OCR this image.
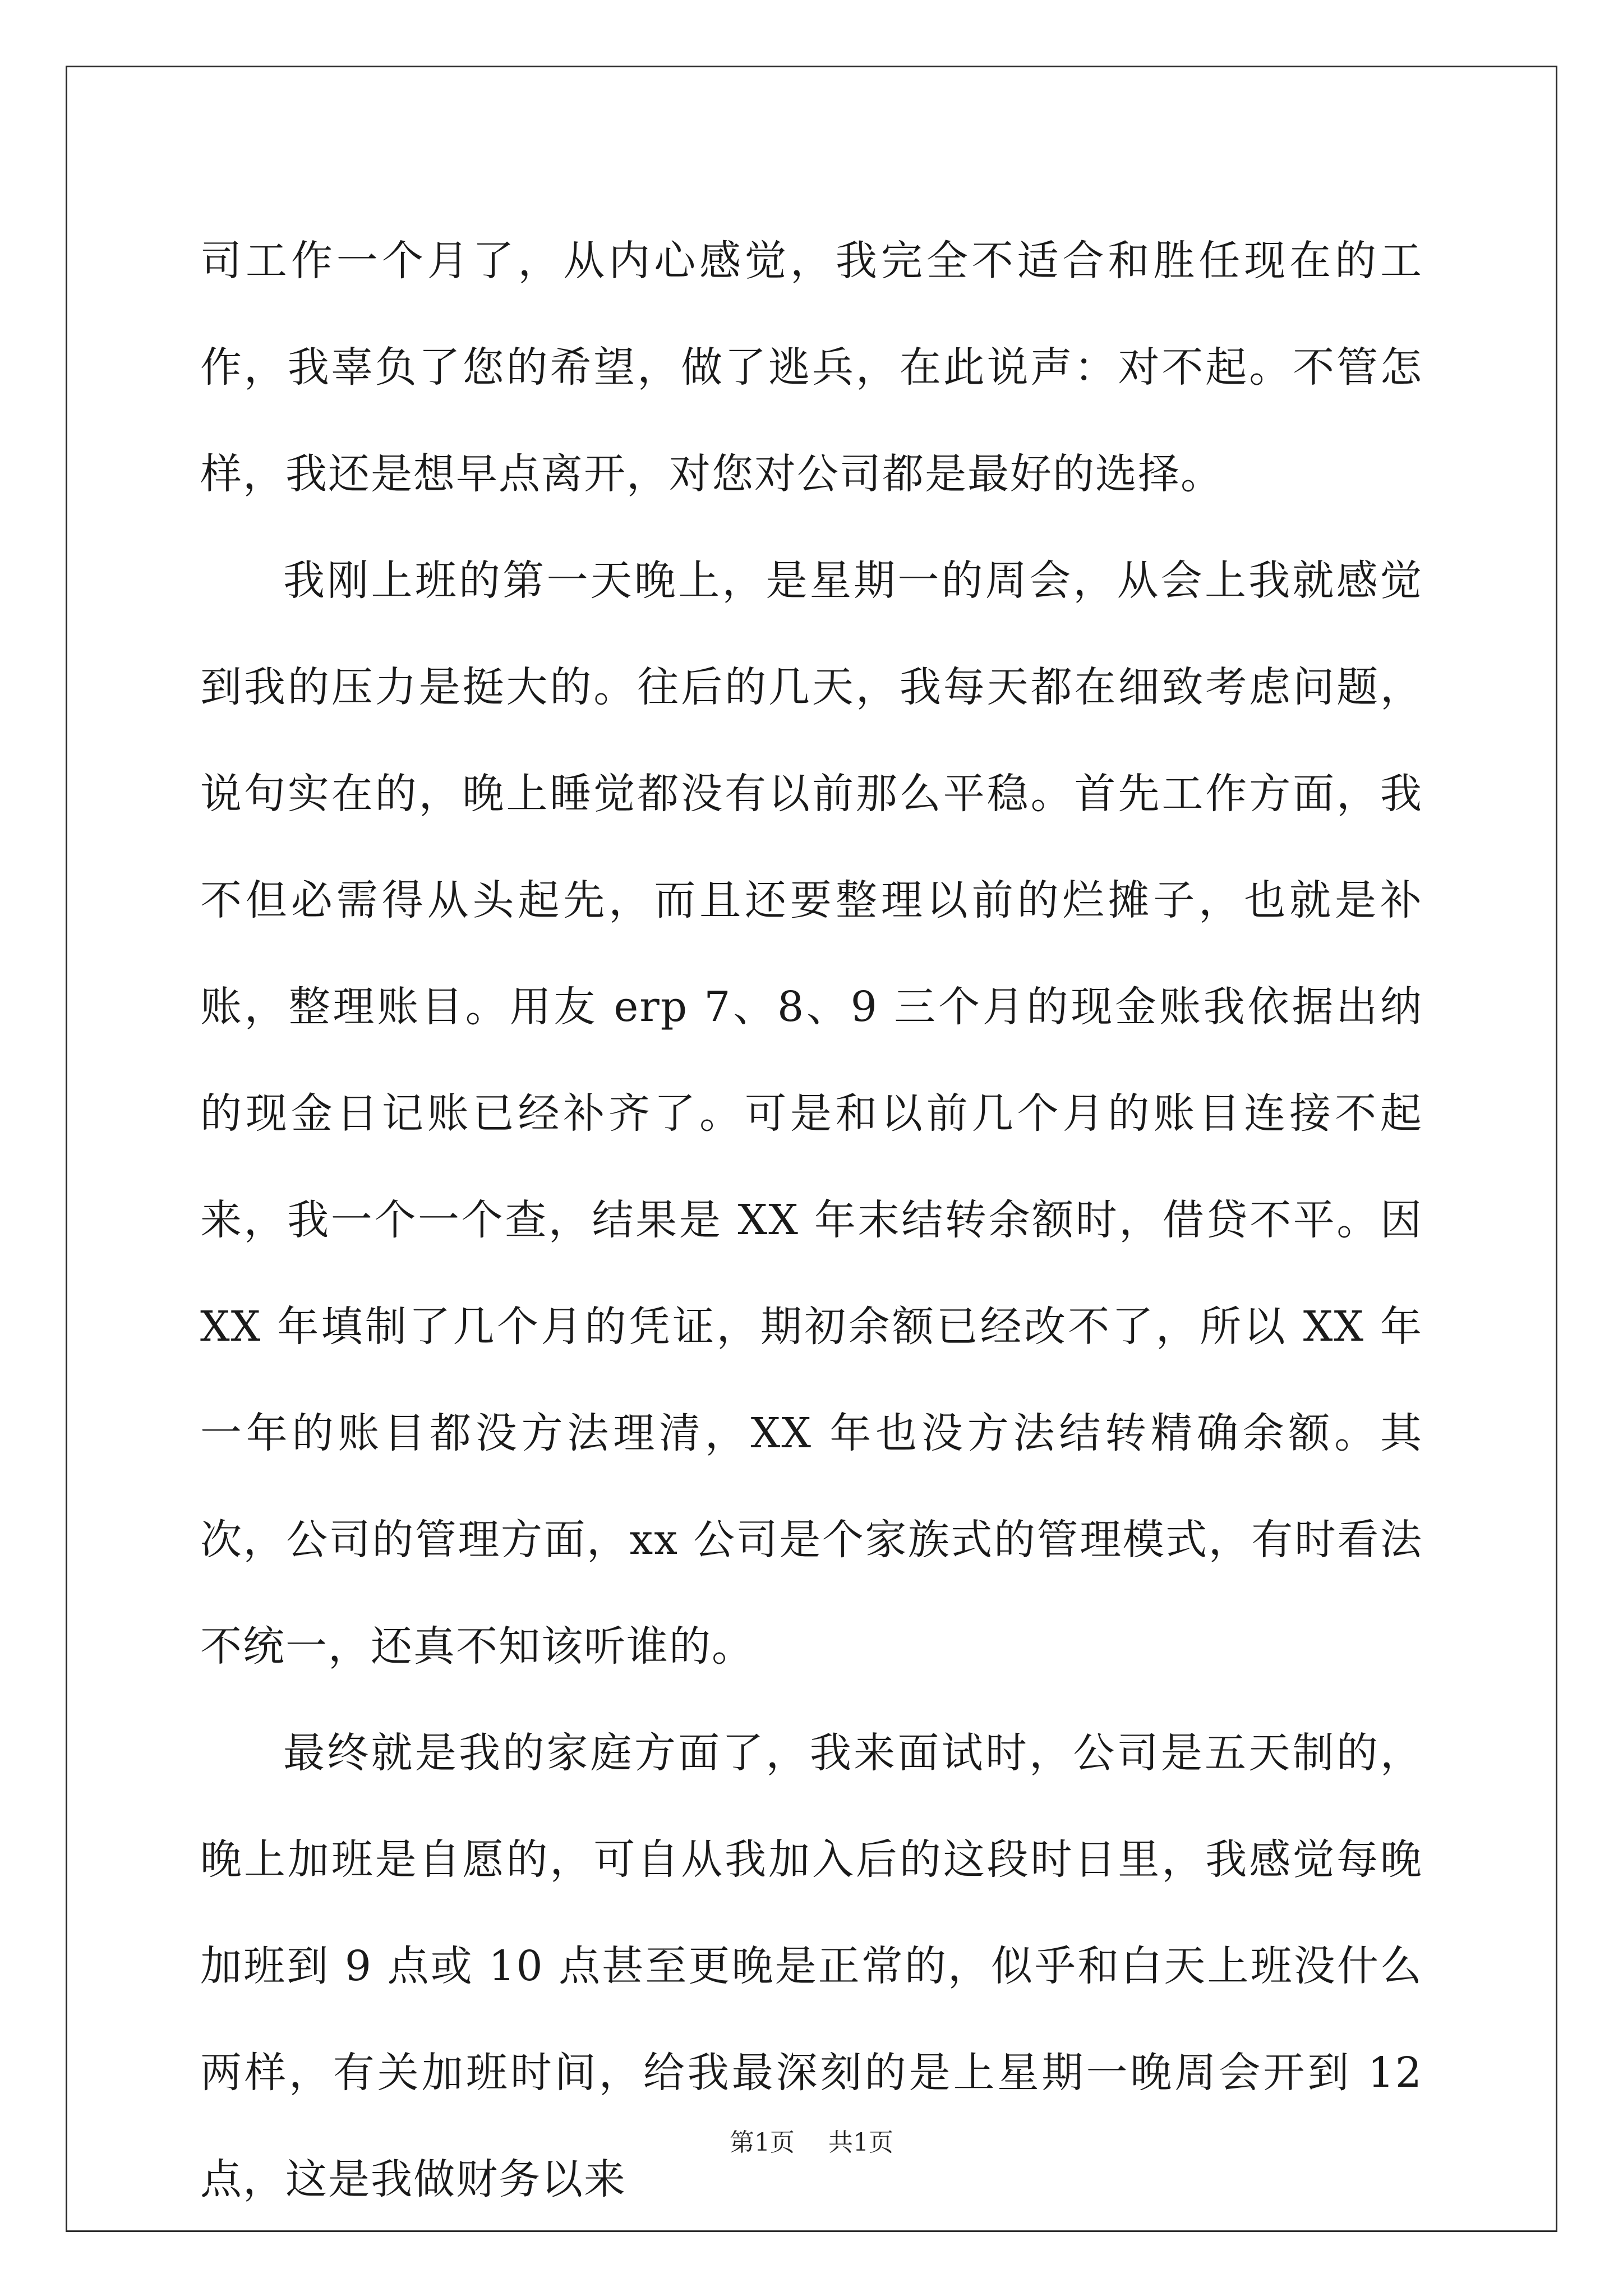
司工作一个月了，从内心感觉，我完全不适合和胜任现在的工作，我辜负了您的希望，做了逃兵，在此说声：对不起。不管怎样，我还是想早点离开，对您对公司都是最好的选择。

我刚上班的第一天晚上，是星期一的周会，从会上我就感觉到我的压力是挺大的。往后的几天，我每天都在细致考虑问题，说句实在的，晚上睡觉都没有以前那么平稳。首先工作方面，我不但必需得从头起先，而且还要整理以前的烂摊子，也就是补账，整理账目。用友 erp 7、8、9 三个月的现金账我依据出纳的现金日记账已经补齐了。可是和以前几个月的账目连接不起来，我一个一个查，结果是 XX 年末结转余额时，借贷不平。因 XX 年填制了几个月的凭证，期初余额已经改不了，所以 XX 年一年的账目都没方法理清，XX 年也没方法结转精确余额。其次，公司的管理方面，xx 公司是个家族式的管理模式，有时看法不统一，还真不知该听谁的。

最终就是我的家庭方面了，我来面试时，公司是五天制的，晚上加班是自愿的，可自从我加入后的这段时日里，我感觉每晚加班到 9 点或 10 点甚至更晚是正常的，似乎和白天上班没什么两样，有关加班时间，给我最深刻的是上星期一晚周会开到 12 点，这是我做财务以来

第1页 共1页
